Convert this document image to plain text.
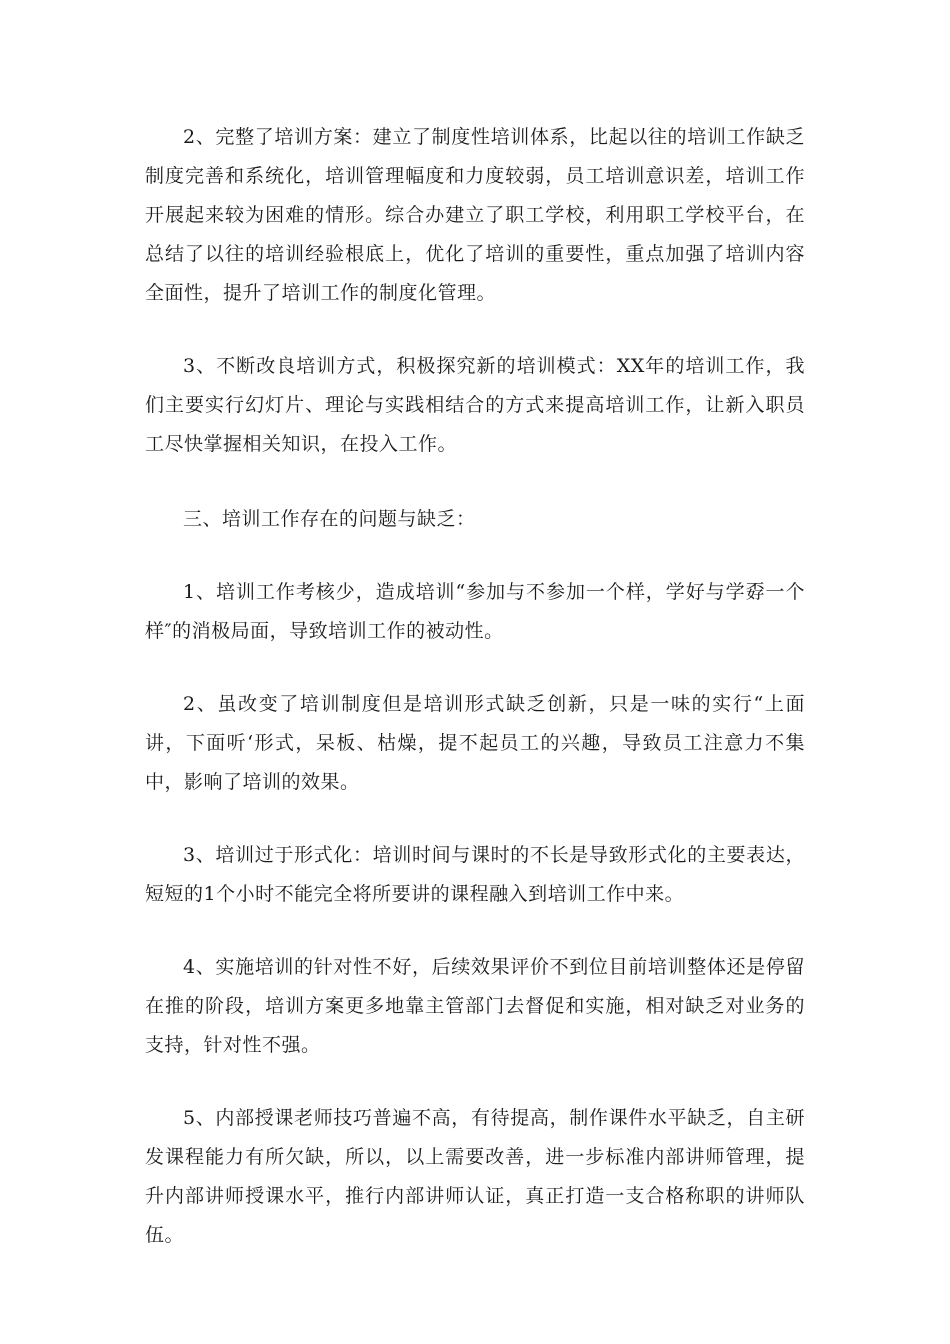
2、完整了培训方案：建立了制度性培训体系，比起以往的培训工作缺乏制度完善和系统化，培训管理幅度和力度较弱，员工培训意识差，培训工作开展起来较为困难的情形。综合办建立了职工学校，利用职工学校平台，在总结了以往的培训经验根底上，优化了培训的重要性，重点加强了培训内容全面性，提升了培训工作的制度化管理。

3、不断改良培训方式，积极探究新的培训模式：XX年的培训工作，我们主要实行幻灯片、理论与实践相结合的方式来提高培训工作，让新入职员工尽快掌握相关知识，在投入工作。

三、培训工作存在的问题与缺乏：

1、培训工作考核少，造成培训“参加与不参加一个样，学好与学孬一个样″的消极局面，导致培训工作的被动性。

2、虽改变了培训制度但是培训形式缺乏创新，只是一味的实行“上面讲，下面听‘形式，呆板、枯燥，提不起员工的兴趣，导致员工注意力不集中，影响了培训的效果。

3、培训过于形式化：培训时间与课时的不长是导致形式化的主要表达，短短的1个小时不能完全将所要讲的课程融入到培训工作中来。

4、实施培训的针对性不好，后续效果评价不到位目前培训整体还是停留在推的阶段，培训方案更多地靠主管部门去督促和实施，相对缺乏对业务的支持，针对性不强。

5、内部授课老师技巧普遍不高，有待提高，制作课件水平缺乏，自主研发课程能力有所欠缺，所以，以上需要改善，进一步标准内部讲师管理，提升内部讲师授课水平，推行内部讲师认证，真正打造一支合格称职的讲师队伍。
